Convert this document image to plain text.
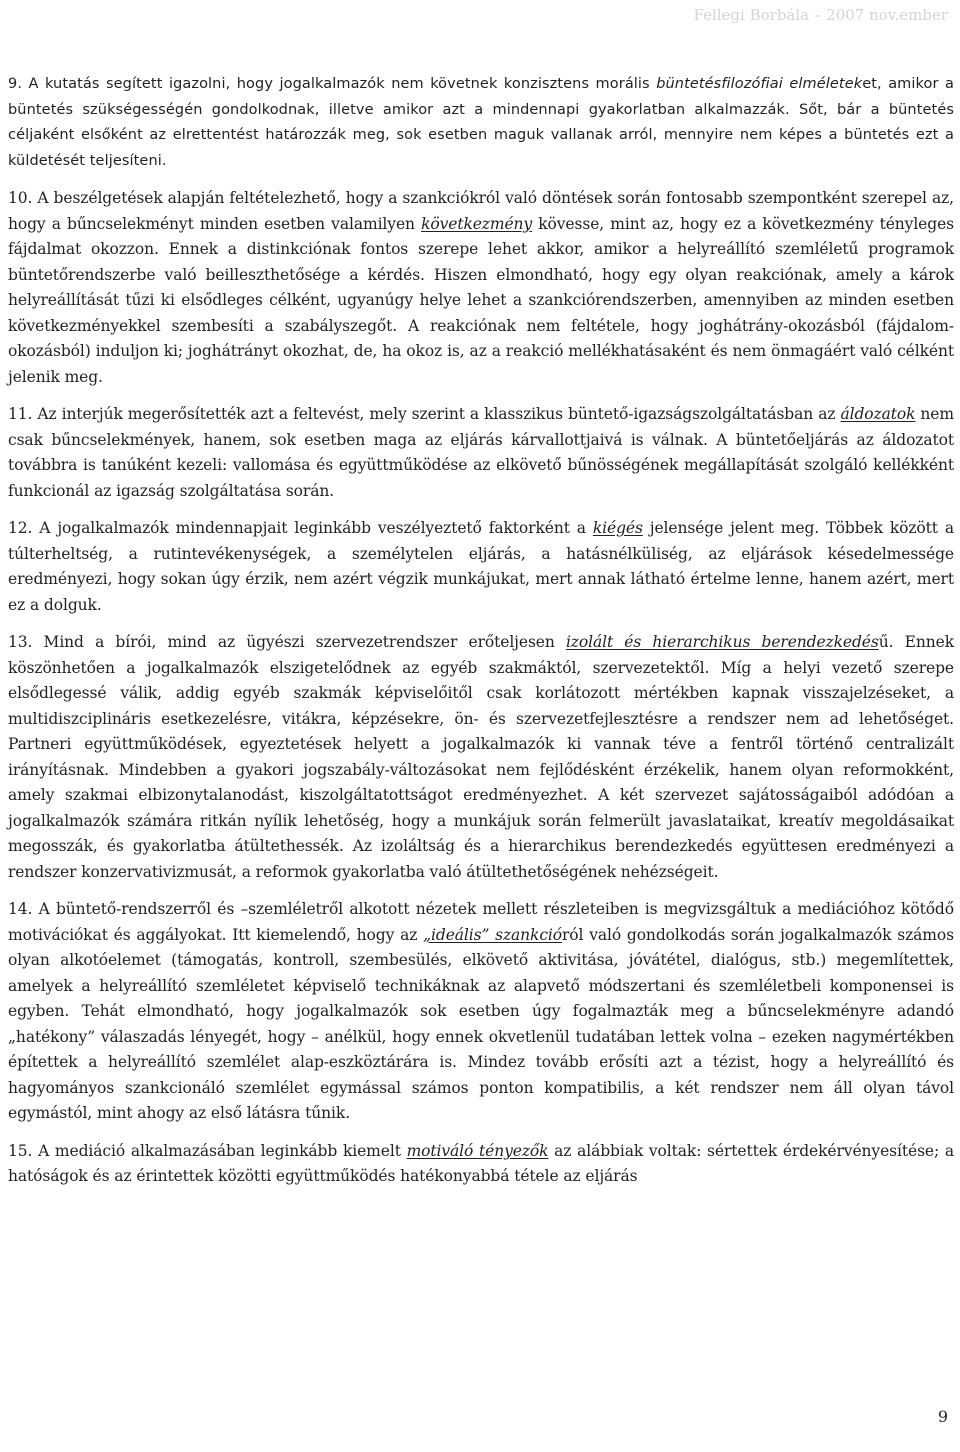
Fellegi Borbála – 2007 nov.ember

9. A kutatás segített igazolni, hogy jogalkalmazók nem követnek konzisztens morális büntetésfilozófiai elméleteket, amikor a büntetés szükségességén gondolkodnak, illetve amikor azt a mindennapi gyakorlatban alkalmazzák. Sőt, bár a büntetés céljaként elsőként az elrettentést határozzák meg, sok esetben maguk vallanak arról, mennyire nem képes a büntetés ezt a küldetését teljesíteni.

10. A beszélgetések alapján feltételezhető, hogy a szankciókról való döntések során fontosabb szempontként szerepel az, hogy a bűncselekményt minden esetben valamilyen következmény kövesse, mint az, hogy ez a következmény tényleges fájdalmat okozzon. Ennek a distinkciónak fontos szerepe lehet akkor, amikor a helyreállító szemléletű programok büntetőrendszerbe való beilleszthetősége a kérdés. Hiszen elmondható, hogy egy olyan reakciónak, amely a károk helyreállítását tűzi ki elsődleges célként, ugyanúgy helye lehet a szankciórendszerben, amennyiben az minden esetben következményekkel szembesíti a szabályszegőt. A reakciónak nem feltétele, hogy joghátrány-okozásból (fájdalom-okozásból) induljon ki; joghátrányt okozhat, de, ha okoz is, az a reakció mellékhatásaként és nem önmagáért való célként jelenik meg.

11. Az interjúk megerősítették azt a feltevést, mely szerint a klasszikus büntető-igazságszolgáltatásban az áldozatok nem csak bűncselekmények, hanem, sok esetben maga az eljárás kárvallottjaivá is válnak. A büntetőeljárás az áldozatot továbbra is tanúként kezeli: vallomása és együttműködése az elkövető bűnösségének megállapítását szolgáló kellékként funkcionál az igazság szolgáltatása során.

12. A jogalkalmazók mindennapjait leginkább veszélyeztető faktorként a kiégés jelensége jelent meg. Többek között a túlterheltség, a rutintevékenységek, a személytelen eljárás, a hatásnélküliség, az eljárások késedelmessége eredményezi, hogy sokan úgy érzik, nem azért végzik munkájukat, mert annak látható értelme lenne, hanem azért, mert ez a dolguk.

13. Mind a bírói, mind az ügyészi szervezetrendszer erőteljesen izolált és hierarchikus berendezkedésű. Ennek köszönhetően a jogalkalmazók elszigetelődnek az egyéb szakmáktól, szervezetektől. Míg a helyi vezető szerepe elsődlegessé válik, addig egyéb szakmák képviselőitől csak korlátozott mértékben kapnak visszajelzéseket, a multidiszciplináris esetkezelésre, vitákra, képzésekre, ön- és szervezetfejlesztésre a rendszer nem ad lehetőséget. Partneri együttműködések, egyeztetések helyett a jogalkalmazók ki vannak téve a fentről történő centralizált irányításnak. Mindebben a gyakori jogszabály-változásokat nem fejlődésként érzékelik, hanem olyan reformokként, amely szakmai elbizonytalanodást, kiszolgáltatottságot eredményezhet. A két szervezet sajátosságaiból adódóan a jogalkalmazók számára ritkán nyílik lehetőség, hogy a munkájuk során felmerült javaslataikat, kreatív megoldásaikat megosszák, és gyakorlatba átültethessék. Az izoláltság és a hierarchikus berendezkedés együttesen eredményezi a rendszer konzervativizmusát, a reformok gyakorlatba való átültethetőségének nehézségeit.

14. A büntető-rendszerről és –szemléletről alkotott nézetek mellett részleteiben is megvizsgáltuk a mediációhoz kötődő motivációkat és aggályokat. Itt kiemelendő, hogy az „ideális” szankcióról való gondolkodás során jogalkalmazók számos olyan alkotóelemet (támogatás, kontroll, szembesülés, elkövető aktivitása, jóvátétel, dialógus, stb.) megemlítettek, amelyek a helyreállító szemléletet képviselő technikáknak az alapvető módszertani és szemléletbeli komponensei is egyben. Tehát elmondható, hogy jogalkalmazók sok esetben úgy fogalmazták meg a bűncselekményre adandó „hatékony” válaszadás lényegét, hogy – anélkül, hogy ennek okvetlenül tudatában lettek volna – ezeken nagymértékben építettek a helyreállító szemlélet alap-eszköztárára is. Mindez tovább erősíti azt a tézist, hogy a helyreállító és hagyományos szankcionáló szemlélet egymással számos ponton kompatibilis, a két rendszer nem áll olyan távol egymástól, mint ahogy az első látásra tűnik.

15. A mediáció alkalmazásában leginkább kiemelt motiváló tényezők az alábbiak voltak: sértettek érdekérvényesítése; a hatóságok és az érintettek közötti együttműködés hatékonyabbá tétele az eljárás

9
